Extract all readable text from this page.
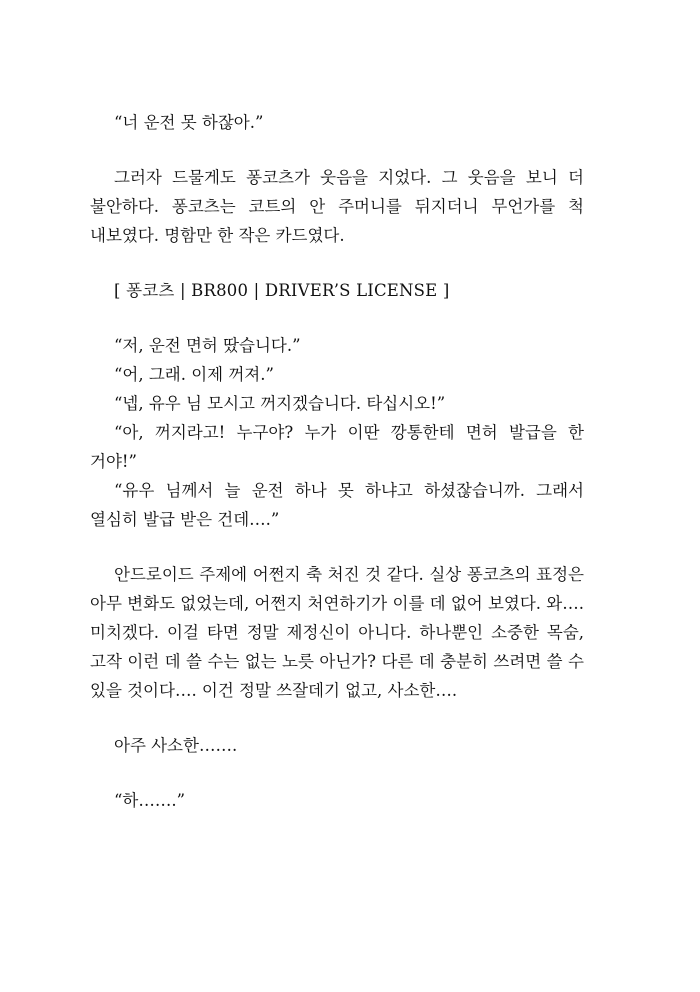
“너 운전 못 하잖아.”

그러자 드물게도 퐁코츠가 웃음을 지었다. 그 웃음을 보니 더 불안하다. 퐁코츠는 코트의 안 주머니를 뒤지더니 무언가를 척 내보였다. 명함만 한 작은 카드였다.

[ 퐁코츠 | BR800 | DRIVER’S LICENSE ]

“저, 운전 면허 땄습니다.”

“어, 그래. 이제 꺼져.”

“넵, 유우 님 모시고 꺼지겠습니다. 타십시오!”

“아, 꺼지라고! 누구야? 누가 이딴 깡통한테 면허 발급을 한 거야!”

“유우 님께서 늘 운전 하나 못 하냐고 하셨잖습니까. 그래서 열심히 발급 받은 건데….”

안드로이드 주제에 어쩐지 축 처진 것 같다. 실상 퐁코츠의 표정은 아무 변화도 없었는데, 어쩐지 처연하기가 이를 데 없어 보였다. 와…. 미치겠다. 이걸 타면 정말 제정신이 아니다. 하나뿐인 소중한 목숨, 고작 이런 데 쓸 수는 없는 노릇 아닌가? 다른 데 충분히 쓰려면 쓸 수 있을 것이다…. 이건 정말 쓰잘데기 없고, 사소한….

아주 사소한…….

“하…….”
